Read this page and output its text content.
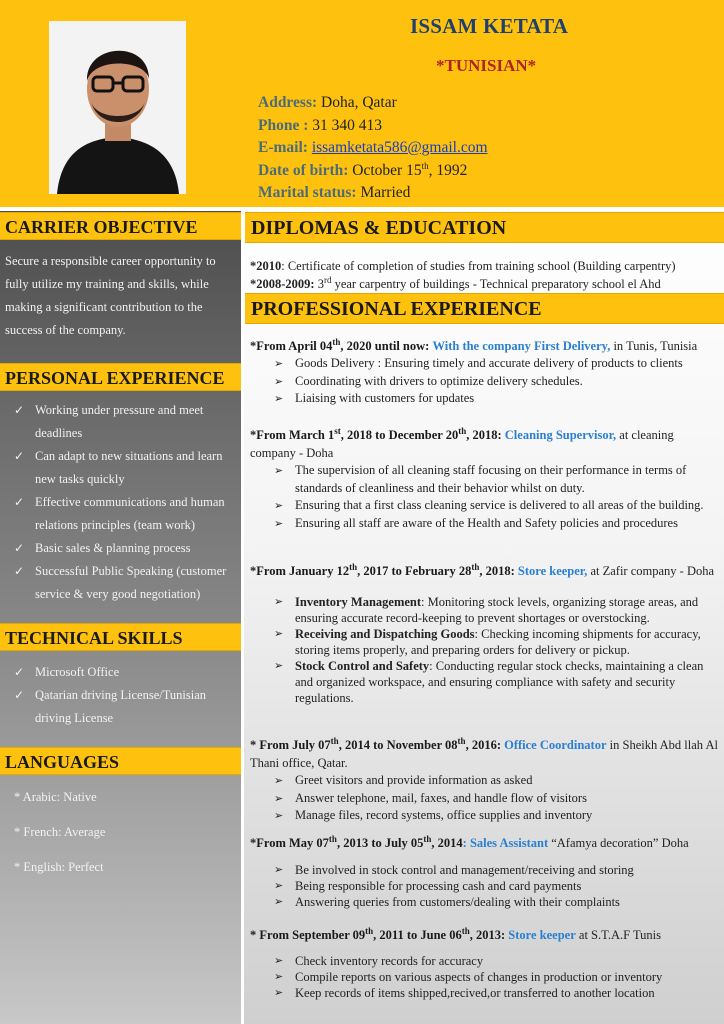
ISSAM KETATA
*TUNISIAN*
Address: Doha, Qatar
Phone : 31 340 413
E-mail: issamketata586@gmail.com
Date of birth: October 15th, 1992
Marital status: Married
CARRIER OBJECTIVE
Secure a responsible career opportunity to fully utilize my training and skills, while making a significant contribution to the success of the company.
PERSONAL EXPERIENCE
✓ Working under pressure and meet deadlines
✓ Can adapt to new situations and learn new tasks quickly
✓ Effective communications and human relations principles (team work)
✓ Basic sales & planning process
✓ Successful Public Speaking (customer service & very good negotiation)
TECHNICAL SKILLS
✓ Microsoft Office
✓ Qatarian driving License/Tunisian driving License
LANGUAGES
* Arabic: Native
* French: Average
* English: Perfect
DIPLOMAS & EDUCATION
*2010: Certificate of completion of studies from training school (Building carpentry)
*2008-2009: 3rd year carpentry of buildings - Technical preparatory school el Ahd
PROFESSIONAL EXPERIENCE
*From April 04th, 2020 until now: With the company First Delivery, in Tunis, Tunisia
➢ Goods Delivery : Ensuring timely and accurate delivery of products to clients
➢ Coordinating with drivers to optimize delivery schedules.
➢ Liaising with customers for updates
*From March 1st, 2018 to December 20th, 2018: Cleaning Supervisor, at cleaning company - Doha
➢ The supervision of all cleaning staff focusing on their performance in terms of standards of cleanliness and their behavior whilst on duty.
➢ Ensuring that a first class cleaning service is delivered to all areas of the building.
➢ Ensuring all staff are aware of the Health and Safety policies and procedures
*From January 12th, 2017 to February 28th, 2018: Store keeper, at Zafir company - Doha
➢ Inventory Management: Monitoring stock levels, organizing storage areas, and ensuring accurate record-keeping to prevent shortages or overstocking.
➢ Receiving and Dispatching Goods: Checking incoming shipments for accuracy, storing items properly, and preparing orders for delivery or pickup.
➢ Stock Control and Safety: Conducting regular stock checks, maintaining a clean and organized workspace, and ensuring compliance with safety and security regulations.
* From July 07th, 2014 to November 08th, 2016: Office Coordinator in Sheikh Abd llah Al Thani office, Qatar.
➢ Greet visitors and provide information as asked
➢ Answer telephone, mail, faxes, and handle flow of visitors
➢ Manage files, record systems, office supplies and inventory
*From May 07th, 2013 to July 05th, 2014: Sales Assistant “Afamya decoration” Doha
➢ Be involved in stock control and management/receiving and storing
➢ Being responsible for processing cash and card payments
➢ Answering queries from customers/dealing with their complaints
* From September 09th, 2011 to June 06th, 2013: Store keeper at S.T.A.F Tunis
➢ Check inventory records for accuracy
➢ Compile reports on various aspects of changes in production or inventory
➢ Keep records of items shipped,recived,or transferred to another location
